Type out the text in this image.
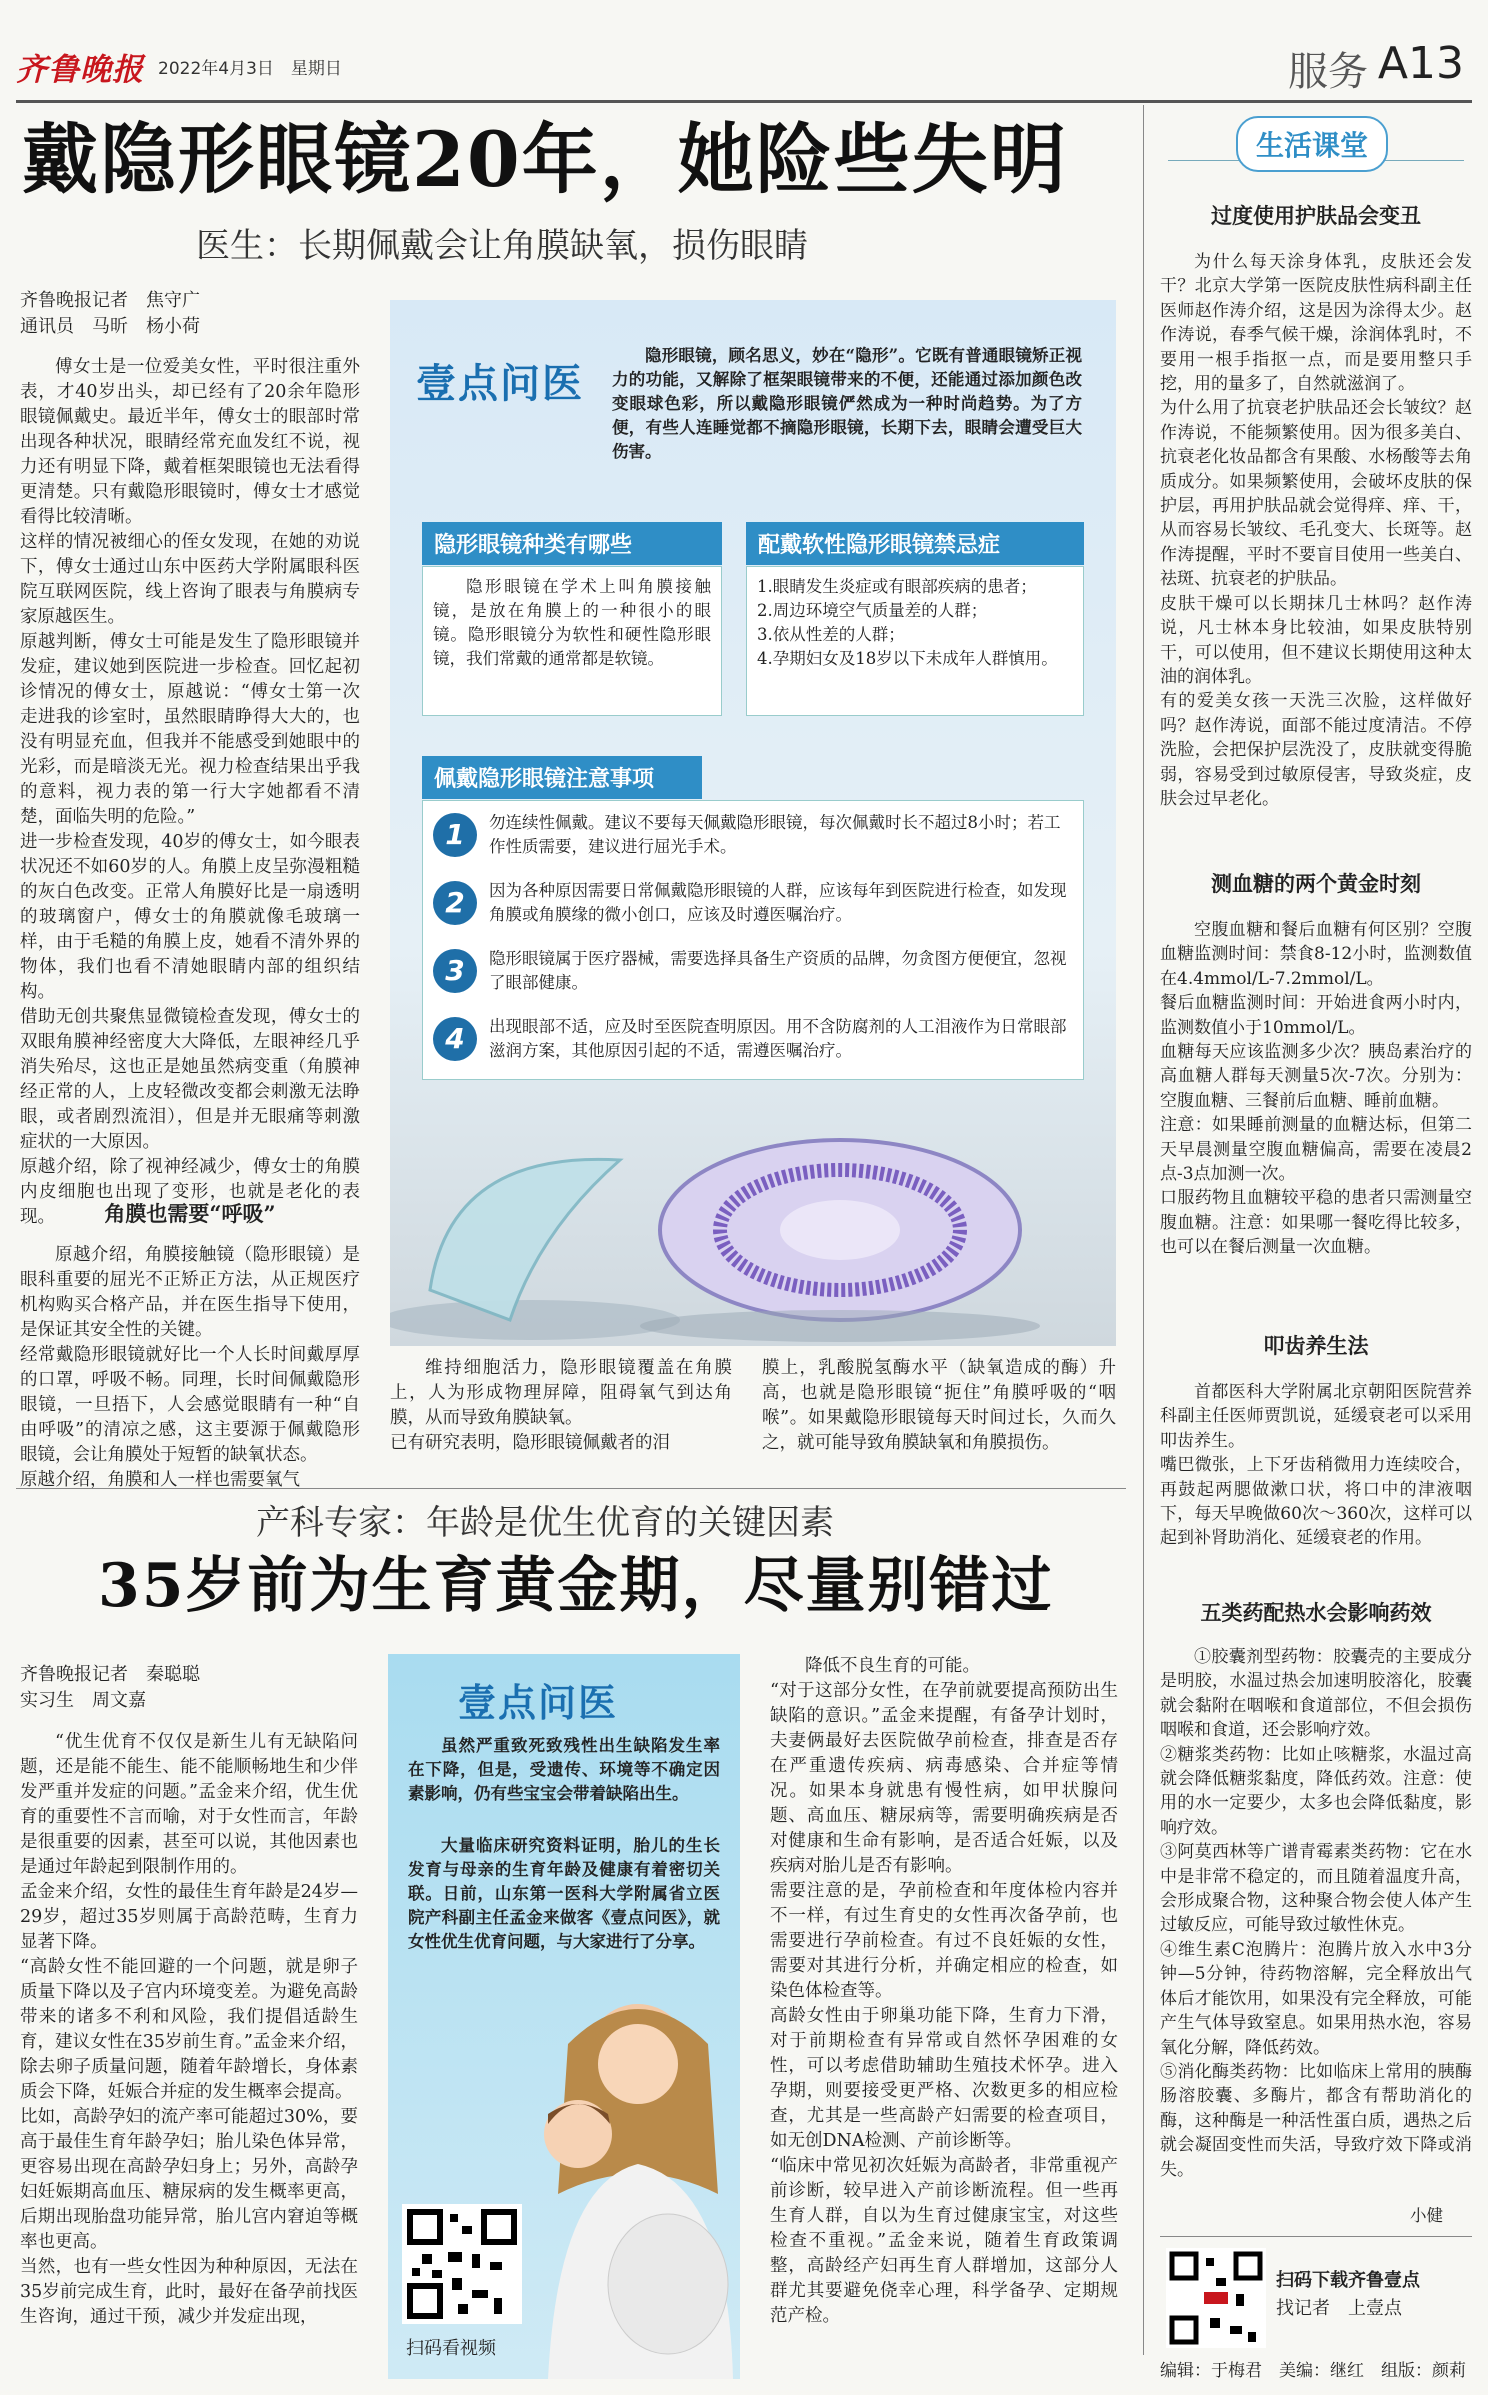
齐鲁晚报 2022年4月3日　星期日	服务 A13
戴隐形眼镜20年，她险些失明
医生：长期佩戴会让角膜缺氧，损伤眼睛
齐鲁晚报记者　焦守广
通讯员　马昕　杨小荷
傅女士是一位爱美女性，平时很注重外表，才40岁出头，却已经有了20余年隐形眼镜佩戴史。最近半年，傅女士的眼部时常出现各种状况，眼睛经常充血发红不说，视力还有明显下降，戴着框架眼镜也无法看得更清楚。只有戴隐形眼镜时，傅女士才感觉看得比较清晰。
这样的情况被细心的侄女发现，在她的劝说下，傅女士通过山东中医药大学附属眼科医院互联网医院，线上咨询了眼表与角膜病专家原越医生。
原越判断，傅女士可能是发生了隐形眼镜并发症，建议她到医院进一步检查。回忆起初诊情况的傅女士，原越说：“傅女士第一次走进我的诊室时，虽然眼睛睁得大大的，也没有明显充血，但我并不能感受到她眼中的光彩，而是暗淡无光。视力检查结果出乎我的意料，视力表的第一行大字她都看不清楚，面临失明的危险。”
进一步检查发现，40岁的傅女士，如今眼表状况还不如60岁的人。角膜上皮呈弥漫粗糙的灰白色改变。正常人角膜好比是一扇透明的玻璃窗户，傅女士的角膜就像毛玻璃一样，由于毛糙的角膜上皮，她看不清外界的物体，我们也看不清她眼睛内部的组织结构。
借助无创共聚焦显微镜检查发现，傅女士的双眼角膜神经密度大大降低，左眼神经几乎消失殆尽，这也正是她虽然病变重（角膜神经正常的人，上皮轻微改变都会刺激无法睁眼，或者剧烈流泪），但是并无眼痛等刺激症状的一大原因。
原越介绍，除了视神经减少，傅女士的角膜内皮细胞也出现了变形，也就是老化的表现。	角膜也需要“呼吸”
原越介绍，角膜接触镜（隐形眼镜）是眼科重要的屈光不正矫正方法，从正规医疗机构购买合格产品，并在医生指导下使用，是保证其安全性的关键。
经常戴隐形眼镜就好比一个人长时间戴厚厚的口罩，呼吸不畅。同理，长时间佩戴隐形眼镜，一旦捂下，人会感觉眼睛有一种“自由呼吸”的清凉之感，这主要源于佩戴隐形眼镜，会让角膜处于短暂的缺氧状态。
原越介绍，角膜和人一样也需要氧气
壹点问医
隐形眼镜，顾名思义，妙在“隐形”。它既有普通眼镜矫正视力的功能，又解除了框架眼镜带来的不便，还能通过添加颜色改变眼球色彩，所以戴隐形眼镜俨然成为一种时尚趋势。为了方便，有些人连睡觉都不摘隐形眼镜，长期下去，眼睛会遭受巨大伤害。
隐形眼镜种类有哪些
隐形眼镜在学术上叫角膜接触镜，是放在角膜上的一种很小的眼镜。隐形眼镜分为软性和硬性隐形眼镜，我们常戴的通常都是软镜。
配戴软性隐形眼镜禁忌症
1.眼睛发生炎症或有眼部疾病的患者；
2.周边环境空气质量差的人群；
3.依从性差的人群；
4.孕期妇女及18岁以下未成年人群慎用。
佩戴隐形眼镜注意事项
1	勿连续性佩戴。建议不要每天佩戴隐形眼镜，每次佩戴时长不超过8小时；若工作性质需要，建议进行屈光手术。
2	因为各种原因需要日常佩戴隐形眼镜的人群，应该每年到医院进行检查，如发现角膜或角膜缘的微小创口，应该及时遵医嘱治疗。
3	隐形眼镜属于医疗器械，需要选择具备生产资质的品牌，勿贪图方便便宜，忽视了眼部健康。
4	出现眼部不适，应及时至医院查明原因。用不含防腐剂的人工泪液作为日常眼部滋润方案，其他原因引起的不适，需遵医嘱治疗。
维持细胞活力，隐形眼镜覆盖在角膜上，人为形成物理屏障，阻碍氧气到达角膜，从而导致角膜缺氧。
已有研究表明，隐形眼镜佩戴者的泪
膜上，乳酸脱氢酶水平（缺氧造成的酶）升高，也就是隐形眼镜“扼住”角膜呼吸的“咽喉”。如果戴隐形眼镜每天时间过长，久而久之，就可能导致角膜缺氧和角膜损伤。
产科专家：年龄是优生优育的关键因素
35岁前为生育黄金期，尽量别错过
齐鲁晚报记者　秦聪聪
实习生　周文嘉
“优生优育不仅仅是新生儿有无缺陷问题，还是能不能生、能不能顺畅地生和少伴发严重并发症的问题。”孟金来介绍，优生优育的重要性不言而喻，对于女性而言，年龄是很重要的因素，甚至可以说，其他因素也是通过年龄起到限制作用的。
孟金来介绍，女性的最佳生育年龄是24岁—29岁，超过35岁则属于高龄范畴，生育力显著下降。
“高龄女性不能回避的一个问题，就是卵子质量下降以及子宫内环境变差。为避免高龄带来的诸多不利和风险，我们提倡适龄生育，建议女性在35岁前生育。”孟金来介绍，除去卵子质量问题，随着年龄增长，身体素质会下降，妊娠合并症的发生概率会提高。
比如，高龄孕妇的流产率可能超过30%，要高于最佳生育年龄孕妇；胎儿染色体异常，更容易出现在高龄孕妇身上；另外，高龄孕妇妊娠期高血压、糖尿病的发生概率更高，后期出现胎盘功能异常，胎儿宫内窘迫等概率也更高。
当然，也有一些女性因为种种原因，无法在35岁前完成生育，此时，最好在备孕前找医生咨询，通过干预，减少并发症出现，
壹点问医
虽然严重致死致残性出生缺陷发生率在下降，但是，受遗传、环境等不确定因素影响，仍有些宝宝会带着缺陷出生。
大量临床研究资料证明，胎儿的生长发育与母亲的生育年龄及健康有着密切关联。日前，山东第一医科大学附属省立医院产科副主任孟金来做客《壹点问医》，就女性优生优育问题，与大家进行了分享。
扫码看视频
降低不良生育的可能。
“对于这部分女性，在孕前就要提高预防出生缺陷的意识。”孟金来提醒，有备孕计划时，夫妻俩最好去医院做孕前检查，排查是否存在严重遗传疾病、病毒感染、合并症等情况。如果本身就患有慢性病，如甲状腺问题、高血压、糖尿病等，需要明确疾病是否对健康和生命有影响，是否适合妊娠，以及疾病对胎儿是否有影响。
需要注意的是，孕前检查和年度体检内容并不一样，有过生育史的女性再次备孕前，也需要进行孕前检查。有过不良妊娠的女性，需要对其进行分析，并确定相应的检查，如染色体检查等。
高龄女性由于卵巢功能下降，生育力下滑，对于前期检查有异常或自然怀孕困难的女性，可以考虑借助辅助生殖技术怀孕。进入孕期，则要接受更严格、次数更多的相应检查，尤其是一些高龄产妇需要的检查项目，如无创DNA检测、产前诊断等。
“临床中常见初次妊娠为高龄者，非常重视产前诊断，较早进入产前诊断流程。但一些再生育人群，自以为生育过健康宝宝，对这些检查不重视。”孟金来说，随着生育政策调整，高龄经产妇再生育人群增加，这部分人群尤其要避免侥幸心理，科学备孕、定期规范产检。
生活课堂
过度使用护肤品会变丑
为什么每天涂身体乳，皮肤还会发干？北京大学第一医院皮肤性病科副主任医师赵作涛介绍，这是因为涂得太少。赵作涛说，春季气候干燥，涂润体乳时，不要用一根手指抠一点，而是要用整只手挖，用的量多了，自然就滋润了。
为什么用了抗衰老护肤品还会长皱纹？赵作涛说，不能频繁使用。因为很多美白、抗衰老化妆品都含有果酸、水杨酸等去角质成分。如果频繁使用，会破坏皮肤的保护层，再用护肤品就会觉得痒、痒、干，从而容易长皱纹、毛孔变大、长斑等。赵作涛提醒，平时不要盲目使用一些美白、祛斑、抗衰老的护肤品。
皮肤干燥可以长期抹几士林吗？赵作涛说，凡士林本身比较油，如果皮肤特别干，可以使用，但不建议长期使用这种太油的润体乳。
有的爱美女孩一天洗三次脸，这样做好吗？赵作涛说，面部不能过度清洁。不停洗脸，会把保护层洗没了，皮肤就变得脆弱，容易受到过敏原侵害，导致炎症，皮肤会过早老化。
测血糖的两个黄金时刻
空腹血糖和餐后血糖有何区别？空腹血糖监测时间：禁食8-12小时，监测数值在4.4mmol/L-7.2mmol/L。
餐后血糖监测时间：开始进食两小时内，监测数值小于10mmol/L。
血糖每天应该监测多少次？胰岛素治疗的高血糖人群每天测量5次-7次。分别为：空腹血糖、三餐前后血糖、睡前血糖。
注意：如果睡前测量的血糖达标，但第二天早晨测量空腹血糖偏高，需要在凌晨2点-3点加测一次。
口服药物且血糖较平稳的患者只需测量空腹血糖。注意：如果哪一餐吃得比较多，也可以在餐后测量一次血糖。
叩齿养生法
首都医科大学附属北京朝阳医院营养科副主任医师贾凯说，延缓衰老可以采用叩齿养生。
嘴巴微张，上下牙齿稍微用力连续咬合，再鼓起两腮做漱口状，将口中的津液咽下，每天早晚做60次～360次，这样可以起到补肾助消化、延缓衰老的作用。
五类药配热水会影响药效
①胶囊剂型药物：胶囊壳的主要成分是明胶，水温过热会加速明胶溶化，胶囊就会黏附在咽喉和食道部位，不但会损伤咽喉和食道，还会影响疗效。
②糖浆类药物：比如止咳糖浆，水温过高就会降低糖浆黏度，降低药效。注意：使用的水一定要少，太多也会降低黏度，影响疗效。
③阿莫西林等广谱青霉素类药物：它在水中是非常不稳定的，而且随着温度升高，会形成聚合物，这种聚合物会使人体产生过敏反应，可能导致过敏性休克。
④维生素C泡腾片：泡腾片放入水中3分钟—5分钟，待药物溶解，完全释放出气体后才能饮用，如果没有完全释放，可能产生气体导致窒息。如果用热水泡，容易氧化分解，降低药效。
⑤消化酶类药物：比如临床上常用的胰酶肠溶胶囊、多酶片，都含有帮助消化的酶，这种酶是一种活性蛋白质，遇热之后就会凝固变性而失活，导致疗效下降或消失。
小健
扫码下载齐鲁壹点
找记者　上壹点
编辑：于梅君　美编：继红　组版：颜莉
